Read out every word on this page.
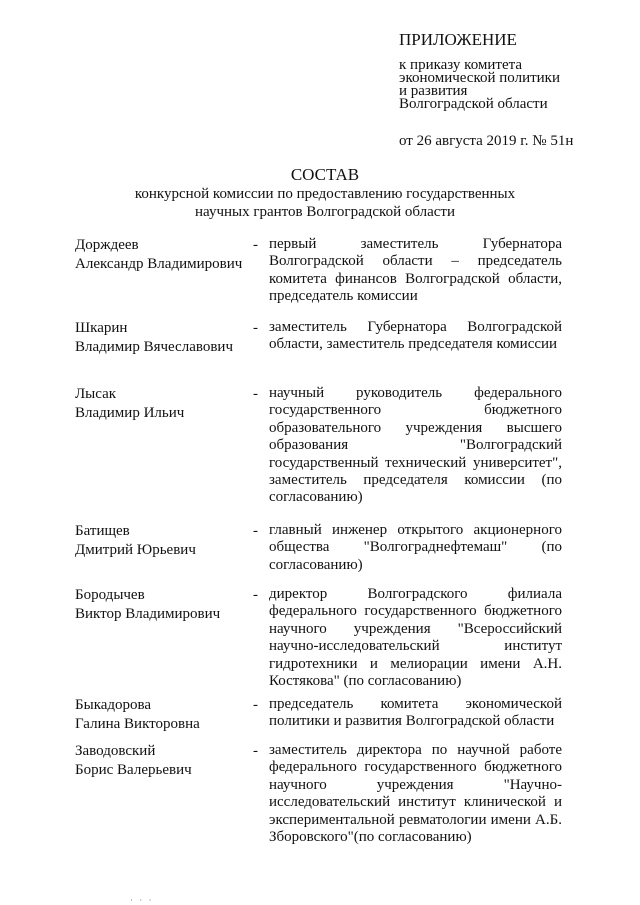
ПРИЛОЖЕНИЕ
к приказу комитета
экономической политики
и развития
Волгоградской области
от 26 августа 2019 г. № 51н
СОСТАВ
конкурсной комиссии по предоставлению государственных
научных грантов Волгоградской области
Дорждеев
Александр Владимирович
- первый заместитель Губернатора Волгоградской области – председатель комитета финансов Волгоградской области, председатель комиссии
Шкарин
Владимир Вячеславович
- заместитель Губернатора Волгоградской области, заместитель председателя комиссии
Лысак
Владимир Ильич
- научный руководитель федерального государственного бюджетного образовательного учреждения высшего образования "Волгоградский государственный технический университет", заместитель председателя комиссии (по согласованию)
Батищев
Дмитрий Юрьевич
- главный инженер открытого акционерного общества "Волгограднефтемаш" (по согласованию)
Бородычев
Виктор Владимирович
- директор Волгоградского филиала федерального государственного бюджетного научного учреждения "Всероссийский научно-исследовательский институт гидротехники и мелиорации имени А.Н. Костякова" (по согласованию)
Быкадорова
Галина Викторовна
- председатель комитета экономической политики и развития Волгоградской области
Заводовский
Борис Валерьевич
- заместитель директора по научной работе федерального государственного бюджетного научного учреждения "Научно-исследовательский институт клинической и экспериментальной ревматологии имени А.Б. Зборовского"(по согласованию)
· · ·
